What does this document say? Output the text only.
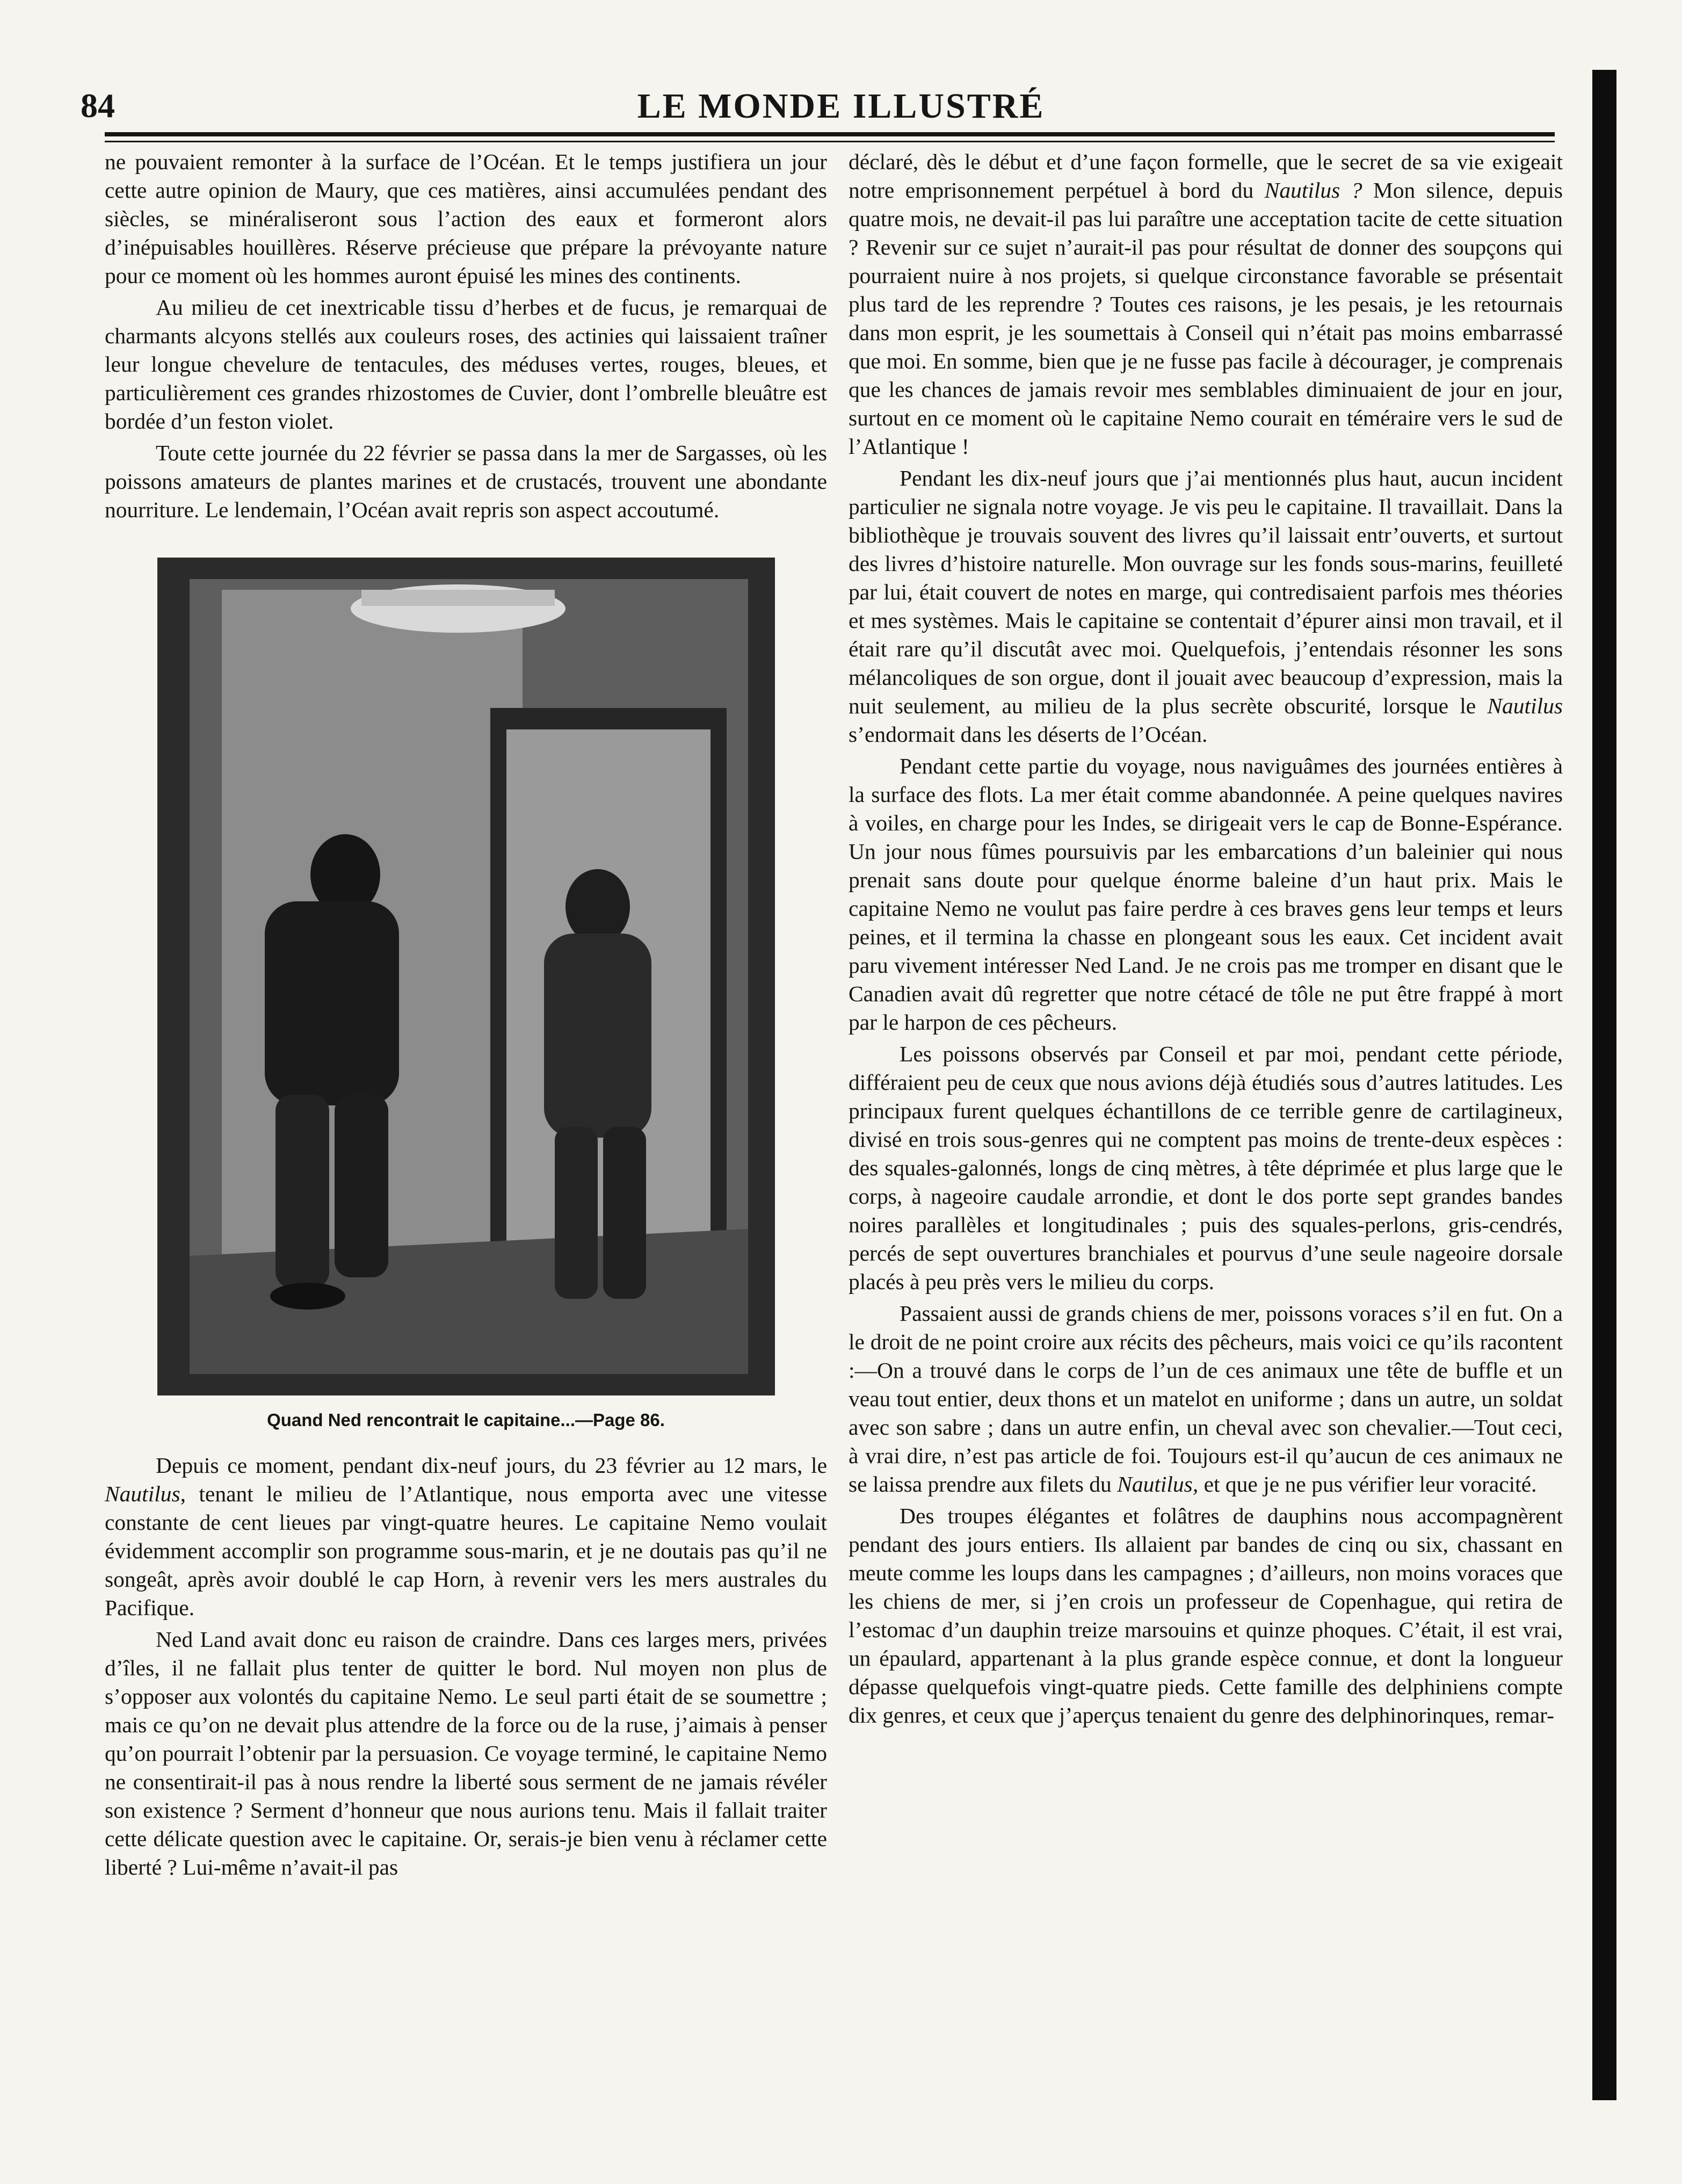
84	LE MONDE ILLUSTRÉ

ne pouvaient remonter à la surface de l’Océan. Et le temps justifiera un jour cette autre opinion de Maury, que ces matières, ainsi accumulées pendant des siècles, se minéraliseront sous l’action des eaux et formeront alors d’inépuisables houillères. Réserve précieuse que prépare la prévoyante nature pour ce moment où les hommes auront épuisé les mines des continents.

Au milieu de cet inextricable tissu d’herbes et de fucus, je remarquai de charmants alcyons stellés aux couleurs roses, des actinies qui laissaient traîner leur longue chevelure de tentacules, des méduses vertes, rouges, bleues, et particulièrement ces grandes rhizostomes de Cuvier, dont l’ombrelle bleuâtre est bordée d’un feston violet.

Toute cette journée du 22 février se passa dans la mer de Sargasses, où les poissons amateurs de plantes marines et de crustacés, trouvent une abondante nourriture. Le lendemain, l’Océan avait repris son aspect accoutumé.

Quand Ned rencontrait le capitaine...—Page 86.

Depuis ce moment, pendant dix-neuf jours, du 23 février au 12 mars, le Nautilus, tenant le milieu de l’Atlantique, nous emporta avec une vitesse constante de cent lieues par vingt-quatre heures. Le capitaine Nemo voulait évidemment accomplir son programme sous-marin, et je ne doutais pas qu’il ne songeât, après avoir doublé le cap Horn, à revenir vers les mers australes du Pacifique.

Ned Land avait donc eu raison de craindre. Dans ces larges mers, privées d’îles, il ne fallait plus tenter de quitter le bord. Nul moyen non plus de s’opposer aux volontés du capitaine Nemo. Le seul parti était de se soumettre ; mais ce qu’on ne devait plus attendre de la force ou de la ruse, j’aimais à penser qu’on pourrait l’obtenir par la persuasion. Ce voyage terminé, le capitaine Nemo ne consentirait-il pas à nous rendre la liberté sous serment de ne jamais révéler son existence ? Serment d’honneur que nous aurions tenu. Mais il fallait traiter cette délicate question avec le capitaine. Or, serais-je bien venu à réclamer cette liberté ? Lui-même n’avait-il pas

déclaré, dès le début et d’une façon formelle, que le secret de sa vie exigeait notre emprisonnement perpétuel à bord du Nautilus ? Mon silence, depuis quatre mois, ne devait-il pas lui paraître une acceptation tacite de cette situation ? Revenir sur ce sujet n’aurait-il pas pour résultat de donner des soupçons qui pourraient nuire à nos projets, si quelque circonstance favorable se présentait plus tard de les reprendre ? Toutes ces raisons, je les pesais, je les retournais dans mon esprit, je les soumettais à Conseil qui n’était pas moins embarrassé que moi. En somme, bien que je ne fusse pas facile à décourager, je comprenais que les chances de jamais revoir mes semblables diminuaient de jour en jour, surtout en ce moment où le capitaine Nemo courait en téméraire vers le sud de l’Atlantique !

Pendant les dix-neuf jours que j’ai mentionnés plus haut, aucun incident particulier ne signala notre voyage. Je vis peu le capitaine. Il travaillait. Dans la bibliothèque je trouvais souvent des livres qu’il laissait entr’ouverts, et surtout des livres d’histoire naturelle. Mon ouvrage sur les fonds sous-marins, feuilleté par lui, était couvert de notes en marge, qui contredisaient parfois mes théories et mes systèmes. Mais le capitaine se contentait d’épurer ainsi mon travail, et il était rare qu’il discutât avec moi. Quelquefois, j’entendais résonner les sons mélancoliques de son orgue, dont il jouait avec beaucoup d’expression, mais la nuit seulement, au milieu de la plus secrète obscurité, lorsque le Nautilus s’endormait dans les déserts de l’Océan.

Pendant cette partie du voyage, nous naviguâmes des journées entières à la surface des flots. La mer était comme abandonnée. A peine quelques navires à voiles, en charge pour les Indes, se dirigeait vers le cap de Bonne-Espérance. Un jour nous fûmes poursuivis par les embarcations d’un baleinier qui nous prenait sans doute pour quelque énorme baleine d’un haut prix. Mais le capitaine Nemo ne voulut pas faire perdre à ces braves gens leur temps et leurs peines, et il termina la chasse en plongeant sous les eaux. Cet incident avait paru vivement intéresser Ned Land. Je ne crois pas me tromper en disant que le Canadien avait dû regretter que notre cétacé de tôle ne put être frappé à mort par le harpon de ces pêcheurs.

Les poissons observés par Conseil et par moi, pendant cette période, différaient peu de ceux que nous avions déjà étudiés sous d’autres latitudes. Les principaux furent quelques échantillons de ce terrible genre de cartilagineux, divisé en trois sous-genres qui ne comptent pas moins de trente-deux espèces : des squales-galonnés, longs de cinq mètres, à tête déprimée et plus large que le corps, à nageoire caudale arrondie, et dont le dos porte sept grandes bandes noires parallèles et longitudinales ; puis des squales-perlons, gris-cendrés, percés de sept ouvertures branchiales et pourvus d’une seule nageoire dorsale placés à peu près vers le milieu du corps.

Passaient aussi de grands chiens de mer, poissons voraces s’il en fut. On a le droit de ne point croire aux récits des pêcheurs, mais voici ce qu’ils racontent :—On a trouvé dans le corps de l’un de ces animaux une tête de buffle et un veau tout entier, deux thons et un matelot en uniforme ; dans un autre, un soldat avec son sabre ; dans un autre enfin, un cheval avec son chevalier.—Tout ceci, à vrai dire, n’est pas article de foi. Toujours est-il qu’aucun de ces animaux ne se laissa prendre aux filets du Nautilus, et que je ne pus vérifier leur voracité.

Des troupes élégantes et folâtres de dauphins nous accompagnèrent pendant des jours entiers. Ils allaient par bandes de cinq ou six, chassant en meute comme les loups dans les campagnes ; d’ailleurs, non moins voraces que les chiens de mer, si j’en crois un professeur de Copenhague, qui retira de l’estomac d’un dauphin treize marsouins et quinze phoques. C’était, il est vrai, un épaulard, appartenant à la plus grande espèce connue, et dont la longueur dépasse quelquefois vingt-quatre pieds. Cette famille des delphiniens compte dix genres, et ceux que j’aperçus tenaient du genre des delphinorinques, remar-
